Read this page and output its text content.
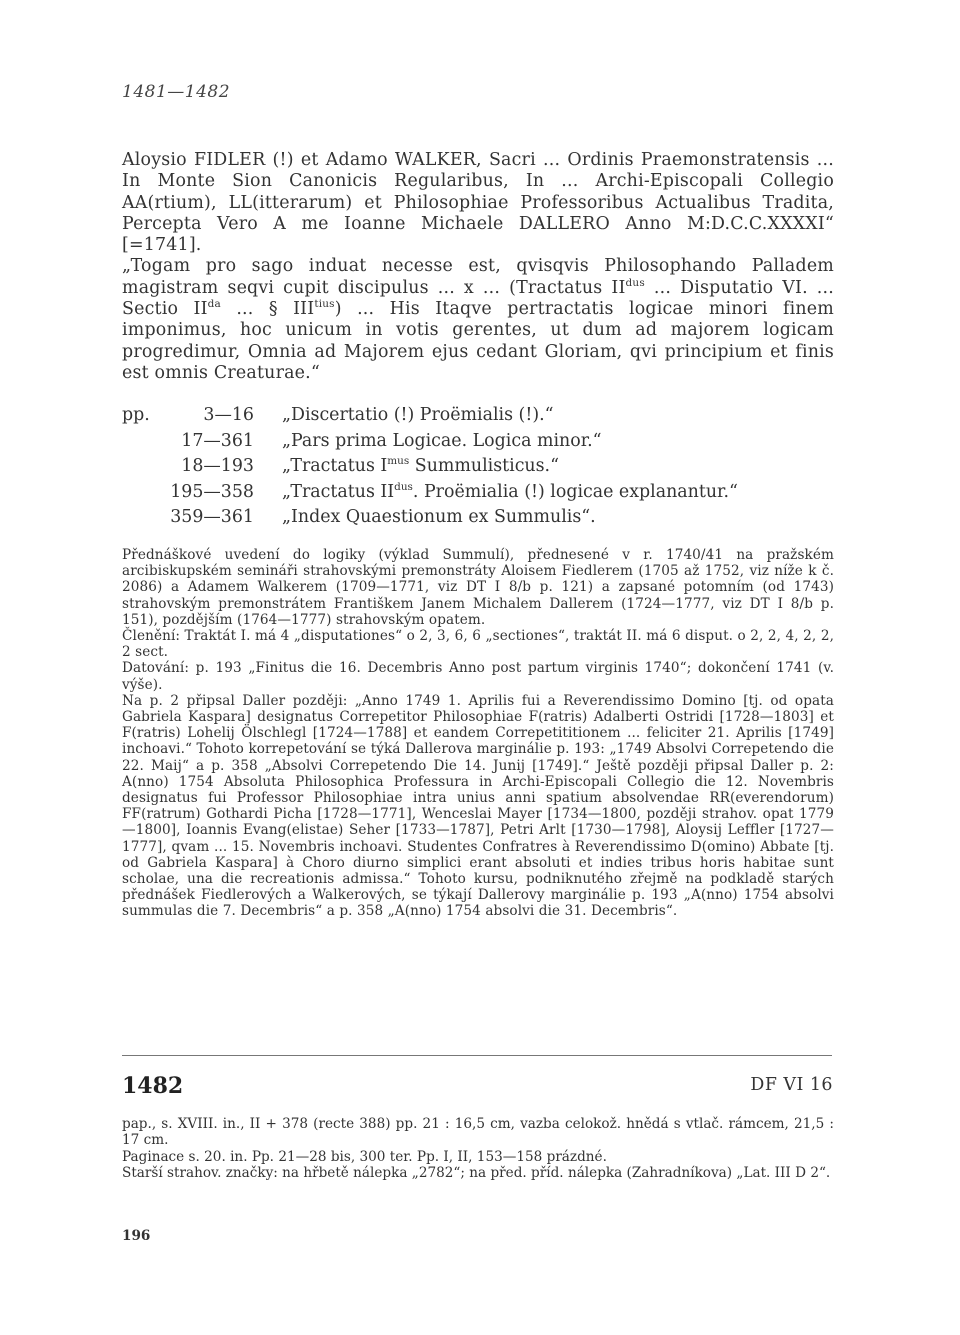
1481—1482

Aloysio FIDLER (!) et Adamo WALKER, Sacri ... Ordinis Praemonstratensis ... In Monte Sion Canonicis Regularibus, In ... Archi-Episcopali Collegio AA(rtium), LL(itterarum) et Philosophiae Professoribus Actualibus Tradita, Percepta Vero A me Ioanne Michaele DALLERO Anno M:D.C.C.XXXXI“ [=1741].

„Togam pro sago induat necesse est, qvisqvis Philosophando Palladem magistram seqvi cupit discipulus ... x ... (Tractatus $II^{dus}$ ... Disputatio VI. ... Sectio $II^{da}$ ... § $III^{tius}$) ... His Itaqve pertractatis logicae minori finem imponimus, hoc unicum in votis gerentes, ut dum ad majorem logicam progredimur, Omnia ad Majorem ejus cedant Gloriam, qvi principium et finis est omnis Creaturae.“

pp.	3—16	„Discertatio (!) Proëmialis (!).“
17—361	„Pars prima Logicae. Logica minor.“
18—193	„Tractatus $I^{mus}$ Summulisticus.“
195—358	„Tractatus $II^{dus}$. Proëmialia (!) logicae explanantur.“
359—361	„Index Quaestionum ex Summulis“.

Přednáškové uvedení do logiky (výklad Summulí), přednesené v r. 1740/41 na pražském arcibiskupském semináři strahovskými premonstráty Aloisem Fiedlerem (1705 až 1752, viz níže k č. 2086) a Adamem Walkerem (1709—1771, viz DT I 8/b p. 121) a zapsané potomním (od 1743) strahovským premonstrátem Františkem Janem Michalem Dallerem (1724—1777, viz DT I 8/b p. 151), pozdějším (1764—1777) strahovským opatem.

Členění: Traktát I. má 4 „disputationes“ o 2, 3, 6, 6 „sectiones“, traktát II. má 6 disput. o 2, 2, 4, 2, 2, 2 sect.

Datování: p. 193 „Finitus die 16. Decembris Anno post partum virginis 1740“; dokončení 1741 (v. výše).

Na p. 2 připsal Daller později: „Anno 1749 1. Aprilis fui a Reverendissimo Domino [tj. od opata Gabriela Kaspara] designatus Correpetitor Philosophiae F(ratris) Adalberti Ostridi [1728—1803] et F(ratris) Lohelij Ölschlegl [1724—1788] et eandem Correpetititionem ... feliciter 21. Aprilis [1749] inchoavi.“ Tohoto korrepetování se týká Dallerova marginálie p. 193: „1749 Absolvi Correpetendo die 22. Maij“ a p. 358 „Absolvi Correpetendo Die 14. Junij [1749].“ Ještě později připsal Daller p. 2: A(nno) 1754 Absoluta Philosophica Professura in Archi-Episcopali Collegio die 12. Novembris designatus fui Professor Philosophiae intra unius anni spatium absolvendae RR(everendorum) FF(ratrum) Gothardi Picha [1728—1771], Wenceslai Mayer [1734—1800, později strahov. opat 1779—1800], Ioannis Evang(elistae) Seher [1733—1787], Petri Arlt [1730—1798], Aloysij Leffler [1727—1777], qvam ... 15. Novembris inchoavi. Studentes Confratres à Reverendissimo D(omino) Abbate [tj. od Gabriela Kaspara] à Choro diurno simplici erant absoluti et indies tribus horis habitae sunt scholae, una die recreationis admissa.“ Tohoto kursu, podniknutého zřejmě na podkladě starých přednášek Fiedlerových a Walkerových, se týkají Dallerovy marginálie p. 193 „A(nno) 1754 absolvi summulas die 7. Decembris“ a p. 358 „A(nno) 1754 absolvi die 31. Decembris“.

1482	DF VI 16

pap., s. XVIII. in., II + 378 (recte 388) pp. 21 : 16,5 cm, vazba celokož. hnědá s vtlač. rámcem, 21,5 : 17 cm.

Paginace s. 20. in. Pp. 21—28 bis, 300 ter. Pp. I, II, 153—158 prázdné.

Starší strahov. značky: na hřbetě nálepka „2782“; na před. příd. nálepka (Zahradníkova) „Lat. III D 2“.

196
